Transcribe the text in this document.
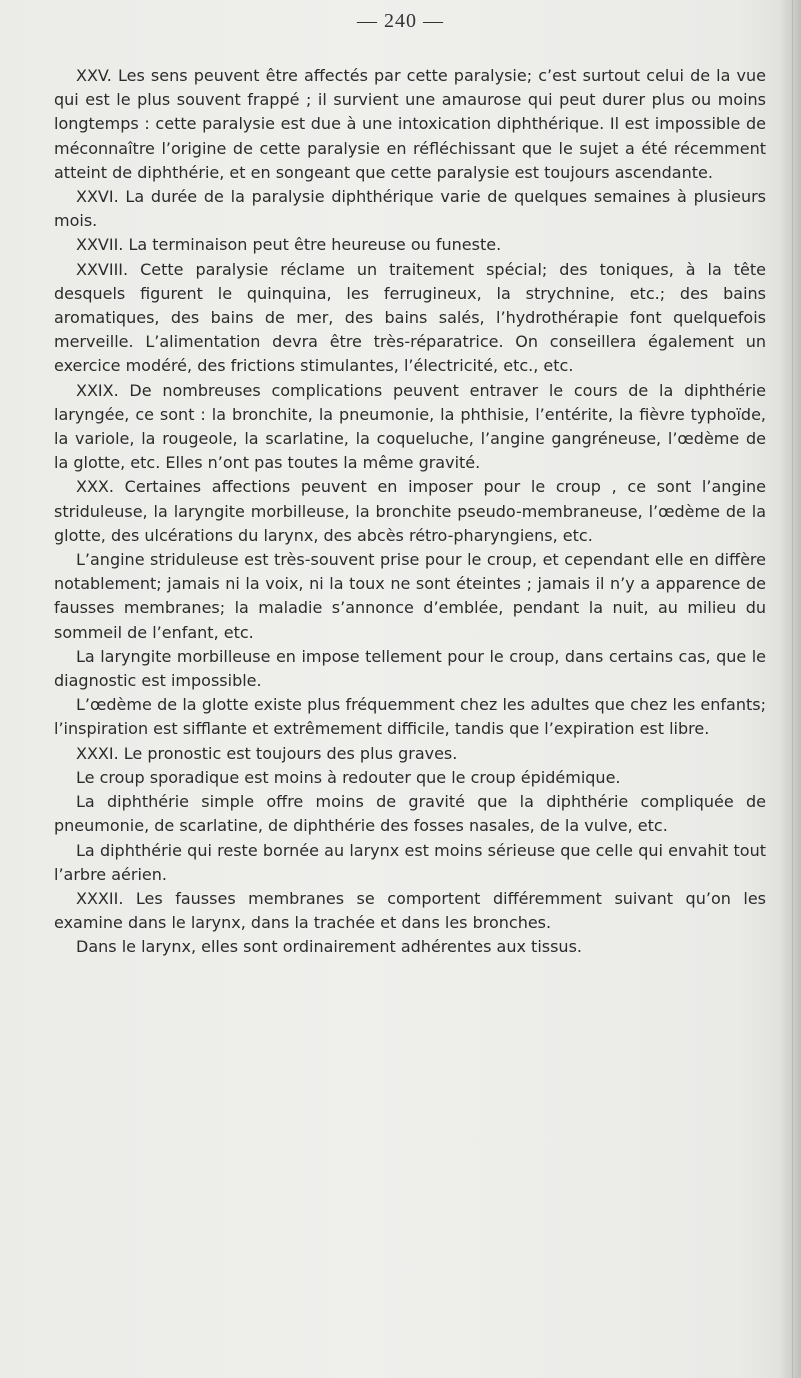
— 240 —

XXV. Les sens peuvent être affectés par cette paralysie; c’est surtout celui de la vue qui est le plus souvent frappé ; il survient une amaurose qui peut durer plus ou moins longtemps : cette paralysie est due à une intoxication diphthérique. Il est impossible de méconnaître l’origine de cette paralysie en réfléchissant que le sujet a été récemment atteint de diphthérie, et en songeant que cette paralysie est toujours ascendante.

XXVI. La durée de la paralysie diphthérique varie de quelques semaines à plusieurs mois.

XXVII. La terminaison peut être heureuse ou funeste.

XXVIII. Cette paralysie réclame un traitement spécial; des toniques, à la tête desquels figurent le quinquina, les ferrugineux, la strychnine, etc.; des bains aromatiques, des bains de mer, des bains salés, l’hydrothérapie font quelquefois merveille. L’alimentation devra être très-réparatrice. On conseillera également un exercice modéré, des frictions stimulantes, l’électricité, etc., etc.

XXIX. De nombreuses complications peuvent entraver le cours de la diphthérie laryngée, ce sont : la bronchite, la pneumonie, la phthisie, l’entérite, la fièvre typhoïde, la variole, la rougeole, la scarlatine, la coqueluche, l’angine gangréneuse, l’œdème de la glotte, etc. Elles n’ont pas toutes la même gravité.

XXX. Certaines affections peuvent en imposer pour le croup , ce sont l’angine striduleuse, la laryngite morbilleuse, la bronchite pseudo-membraneuse, l’œdème de la glotte, des ulcérations du larynx, des abcès rétro-pharyngiens, etc.

L’angine striduleuse est très-souvent prise pour le croup, et cependant elle en diffère notablement; jamais ni la voix, ni la toux ne sont éteintes ; jamais il n’y a apparence de fausses membranes; la maladie s’annonce d’emblée, pendant la nuit, au milieu du sommeil de l’enfant, etc.

La laryngite morbilleuse en impose tellement pour le croup, dans certains cas, que le diagnostic est impossible.

L’œdème de la glotte existe plus fréquemment chez les adultes que chez les enfants; l’inspiration est sifflante et extrêmement difficile, tandis que l’expiration est libre.

XXXI. Le pronostic est toujours des plus graves.

Le croup sporadique est moins à redouter que le croup épidémique.

La diphthérie simple offre moins de gravité que la diphthérie compliquée de pneumonie, de scarlatine, de diphthérie des fosses nasales, de la vulve, etc.

La diphthérie qui reste bornée au larynx est moins sérieuse que celle qui envahit tout l’arbre aérien.

XXXII. Les fausses membranes se comportent différemment suivant qu’on les examine dans le larynx, dans la trachée et dans les bronches.

Dans le larynx, elles sont ordinairement adhérentes aux tissus.
